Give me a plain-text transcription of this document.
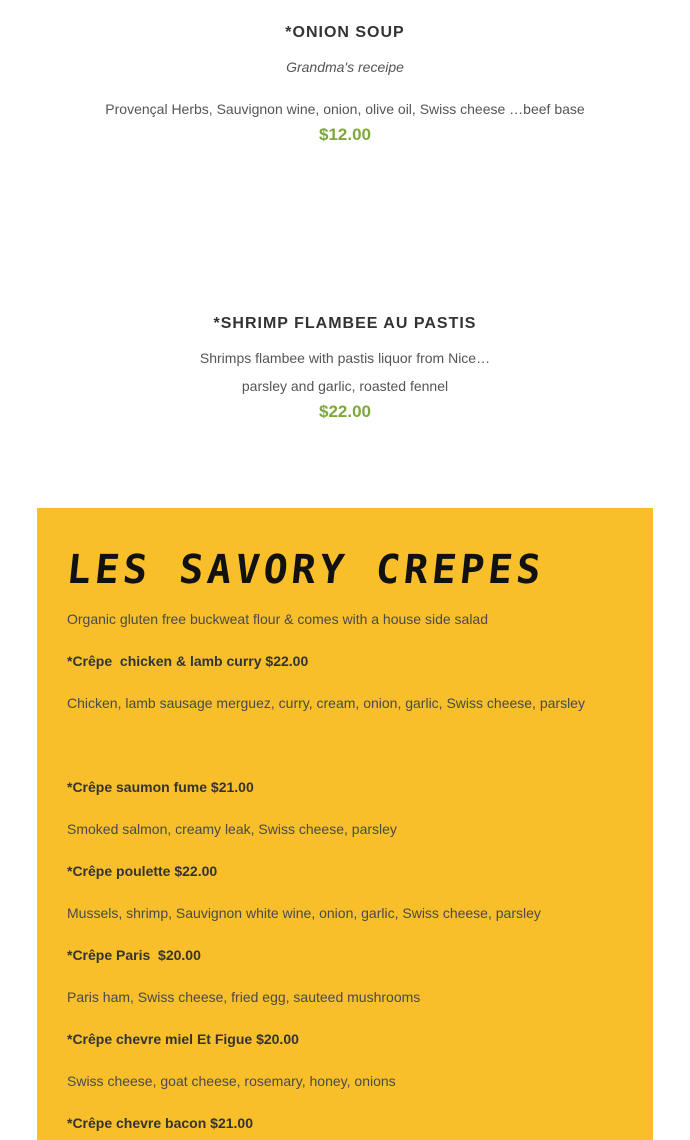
*ONION SOUP
Grandma's receipe
Provençal Herbs, Sauvignon wine, onion, olive oil, Swiss cheese …beef base
$12.00
*SHRIMP FLAMBEE AU PASTIS
Shrimps flambee with pastis liquor from Nice…
parsley and garlic, roasted fennel
$22.00
LES SAVORY CREPES
Organic gluten free buckweat flour & comes with a house side salad
*Crêpe  chicken & lamb curry $22.00
Chicken, lamb sausage merguez, curry, cream, onion, garlic, Swiss cheese, parsley
*Crêpe saumon fume $21.00
Smoked salmon, creamy leak, Swiss cheese, parsley
*Crêpe poulette $22.00
Mussels, shrimp, Sauvignon white wine, onion, garlic, Swiss cheese, parsley
*Crêpe Paris  $20.00
Paris ham, Swiss cheese, fried egg, sauteed mushrooms
*Crêpe chevre miel Et Figue $20.00
Swiss cheese, goat cheese, rosemary, honey, onions
*Crêpe chevre bacon $21.00
